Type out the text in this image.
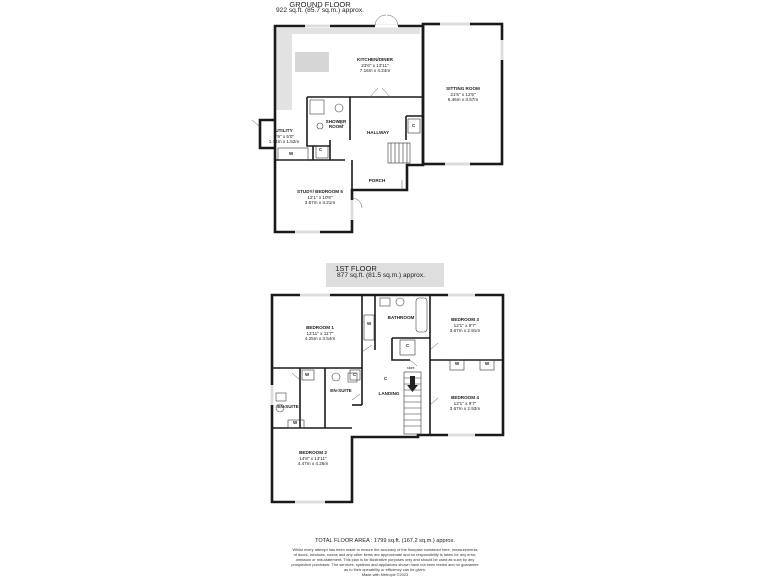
GROUND FLOOR
922 sq.ft. (85.7 sq.m.) approx.
KITCHEN/DINER
23'6" x 13'11"
7.16m x 4.24m
SITTING ROOM
21'5" x 12'5"
6.46m x 3.57m
HALLWAY
SHOWER ROOM
UTILITY
5'9" x 5'0"
1.74m x 1.52m
STUDY/ BEDROOM 5
12'1" x 10'6"
3.67m x 3.21m
PORCH
C
C
W
1ST FLOOR
877 sq.ft. (81.5 sq.m.) approx.
BEDROOM 1
13'11" x 11'7"
4.25m x 3.54m
BATHROOM	BEDROOM 3
12'1" x 9'7"
3.67m x 2.91m
BEDROOM 4
12'1" x 9'7"
3.67m x 2.93m
BEDROOM 2
14'8" x 13'11"
4.47m x 4.26m
EN-SUITE
EN-SUITE
LANDING
W
C
W	W
W	C
W
C
store
TOTAL FLOOR AREA : 1799 sq.ft. (167.2 sq.m.) approx.
Whilst every attempt has been made to ensure the accuracy of the floorplan contained here, measurements
of doors, windows, rooms and any other items are approximate and no responsibility is taken for any error,
omission or mis-statement. This plan is for illustrative purposes only and should be used as such by any
prospective purchaser. The services, systems and appliances shown have not been tested and no guarantee
as to their operability or efficiency can be given.
Made with Metropix ©2023
